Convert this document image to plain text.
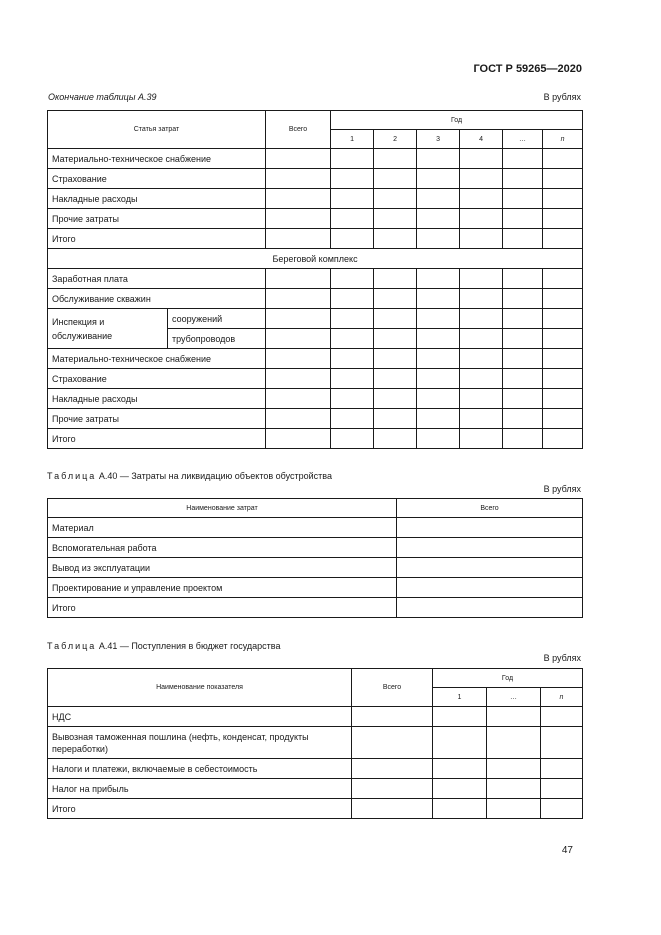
ГОСТ Р 59265—2020
Окончание таблицы А.39	В рублях
Статья затрат		Всего	Год					
			1	2	3	4	…	n
Материально-техническое снабжение								
Страхование								
Накладные расходы								
Прочие затраты								
Итого								
Береговой комплекс								
Заработная плата								
Обслуживание скважин								
Инспекция и обслуживание	сооружений							
	трубопроводов							
Материально-техническое снабжение								
Страхование								
Накладные расходы								
Прочие затраты								
Итого								
Таблица А.40 — Затраты на ликвидацию объектов обустройства
В рублях
Наименование затрат	Всего
Материал	
Вспомогательная работа	
Вывод из эксплуатации	
Проектирование и управление проектом	
Итого	
Таблица А.41 — Поступления в бюджет государства
В рублях
Наименование показателя	Всего	Год		
		1	…	n
НДС				
Вывозная таможенная пошлина (нефть, конденсат, продукты переработки)				
Налоги и платежи, включаемые в себестоимость				
Налог на прибыль				
Итого				
47
